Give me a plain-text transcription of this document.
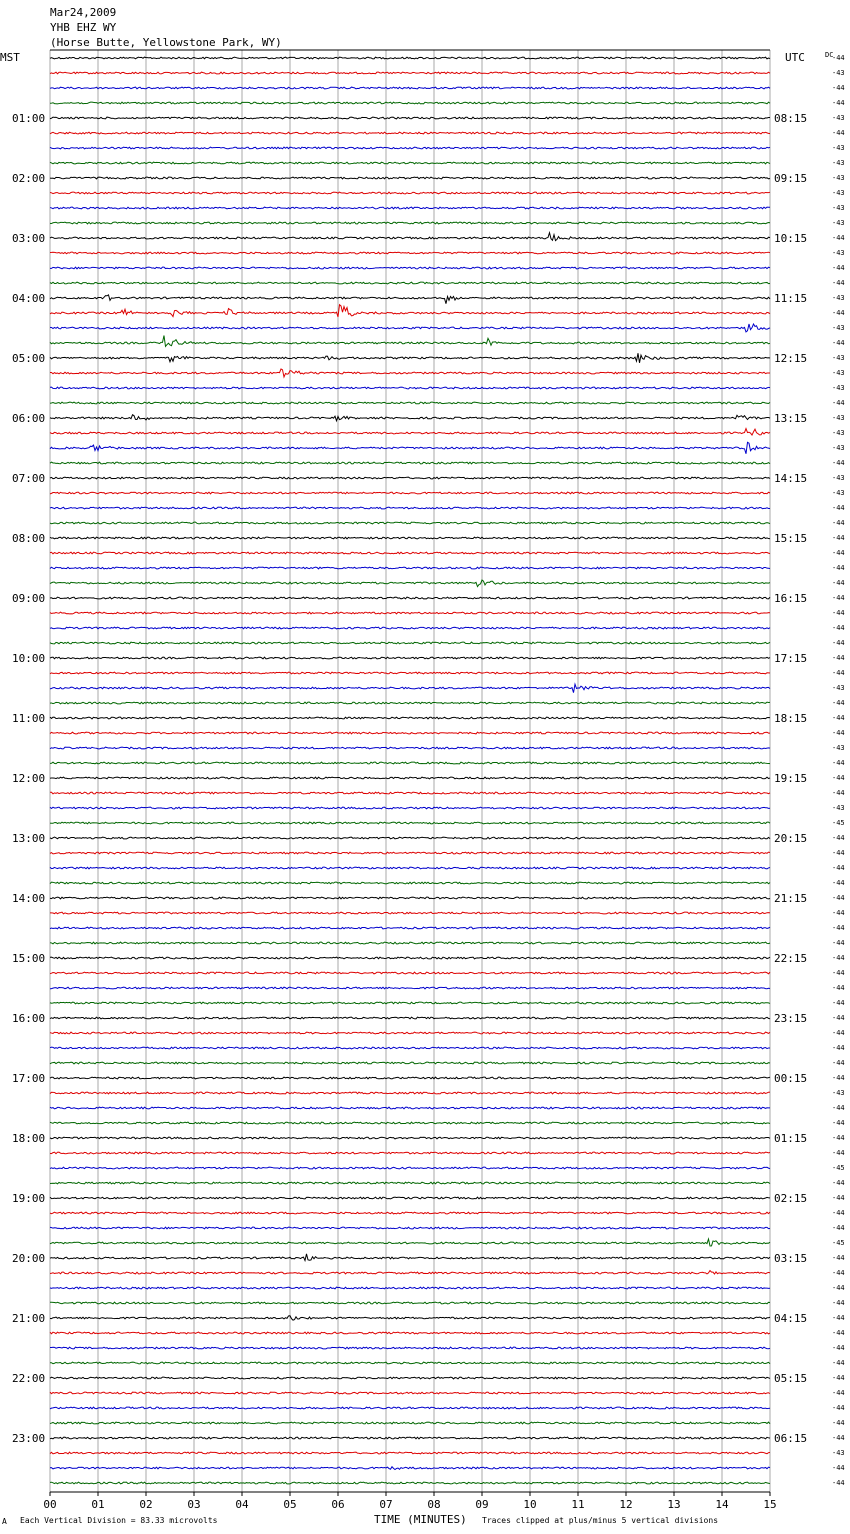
Mar24,2009
YHB EHZ WY
(Horse Butte, Yellowstone Park, WY)
MST	UTC	DC
01:00
02:00
03:00
04:00
05:00
06:00
07:00
08:00
09:00
10:00
11:00
12:00
13:00
14:00
15:00
16:00
17:00
18:00
19:00
20:00
21:00
22:00
23:00
08:15
09:15
10:15
11:15
12:15
13:15
14:15
15:15
16:15
17:15
18:15
19:15
20:15
21:15
22:15
23:15
00:15
01:15
02:15
03:15
04:15
05:15
06:15
-44
-43
-44
-44
-43
-44
-43
-43
-43
-43
-43
-43
-44
-43
-44
-44
-43
-44
-43
-44
-43
-43
-43
-44
-43
-43
-43
-44
-43
-43
-44
-44
-44
-44
-44
-44
-44
-44
-44
-44
-44
-44
-43
-44
-44
-44
-43
-44
-44
-44
-43
-45
-44
-44
-44
-44
-44
-44
-44
-44
-44
-44
-44
-44
-44
-44
-44
-44
-44
-43
-44
-44
-44
-44
-45
-44
-44
-44
-44
-45
-44
-44
-44
-44
-44
-44
-44
-44
-44
-44
-44
-44
-44
-43
-44
-44
00	01	02	03	04	05	06	07	08	09	10	11	12	13	14	15
A Each Vertical Division = 83.33 microvolts	TIME (MINUTES) Traces clipped at plus/minus 5 vertical divisions
